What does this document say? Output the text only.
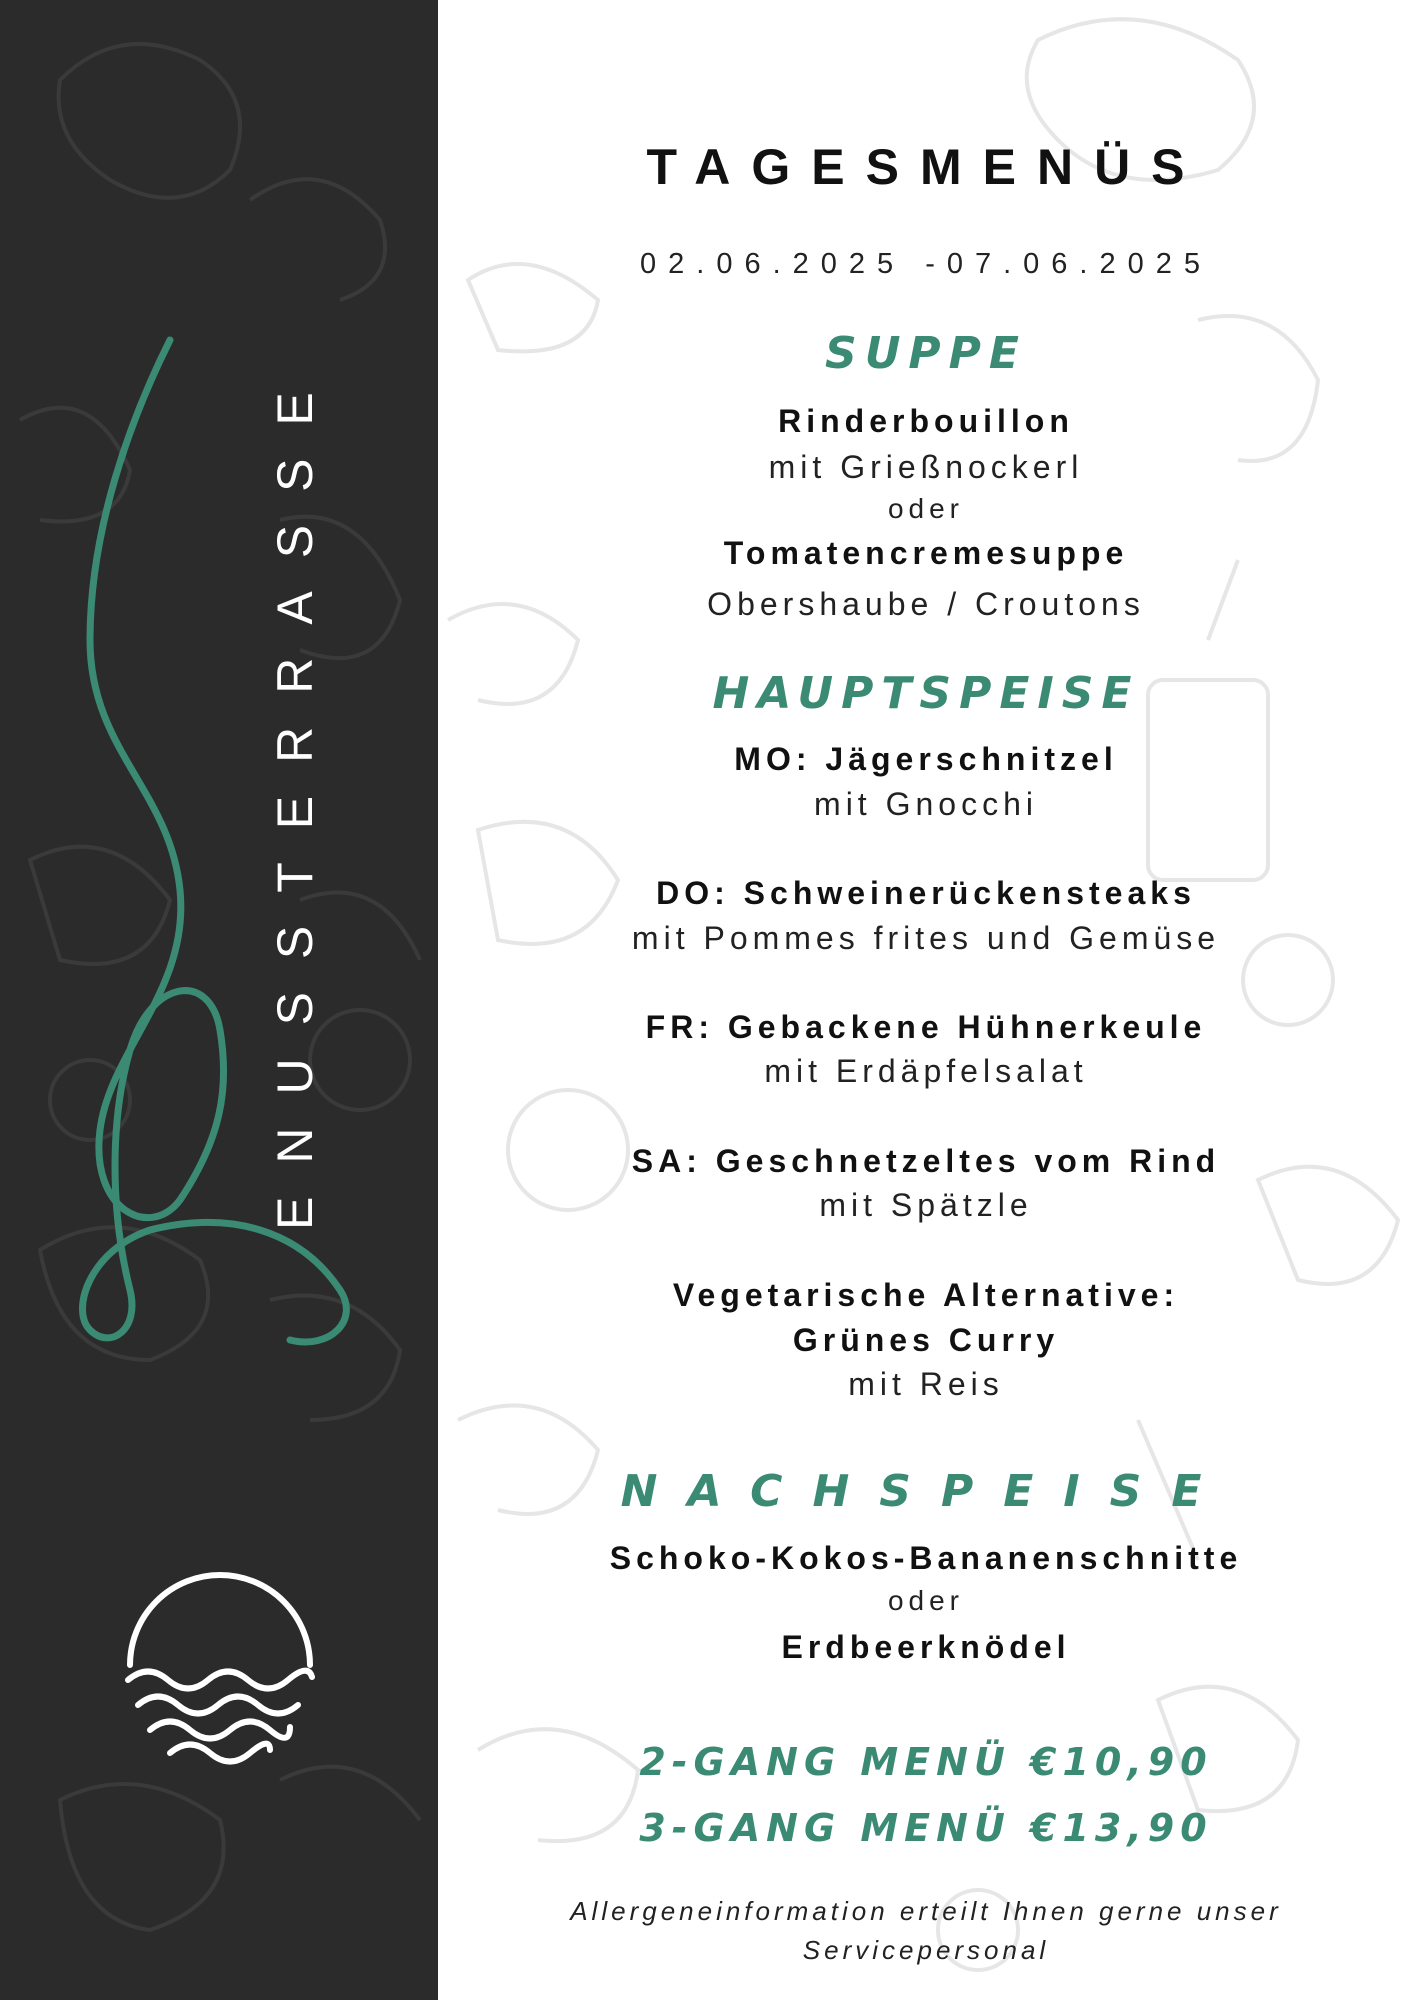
ENUSSTERRASSE
TAGESMENÜS
02.06.2025 -07.06.2025
SUPPE
Rinderbouillon
mit Grießnockerl
oder
Tomatencremesuppe
Obershaube / Croutons
HAUPTSPEISE
MO: Jägerschnitzel
mit Gnocchi
DO: Schweinerückensteaks
mit Pommes frites und Gemüse
FR: Gebackene Hühnerkeule
mit Erdäpfelsalat
SA: Geschnetzeltes vom Rind
mit Spätzle
Vegetarische Alternative:
Grünes Curry
mit Reis
NACHSPEISE
Schoko-Kokos-Bananenschnitte
oder
Erdbeerknödel
2-GANG MENÜ €10,90
3-GANG MENÜ €13,90
Allergeneinformation erteilt Ihnen gerne unser
Servicepersonal
